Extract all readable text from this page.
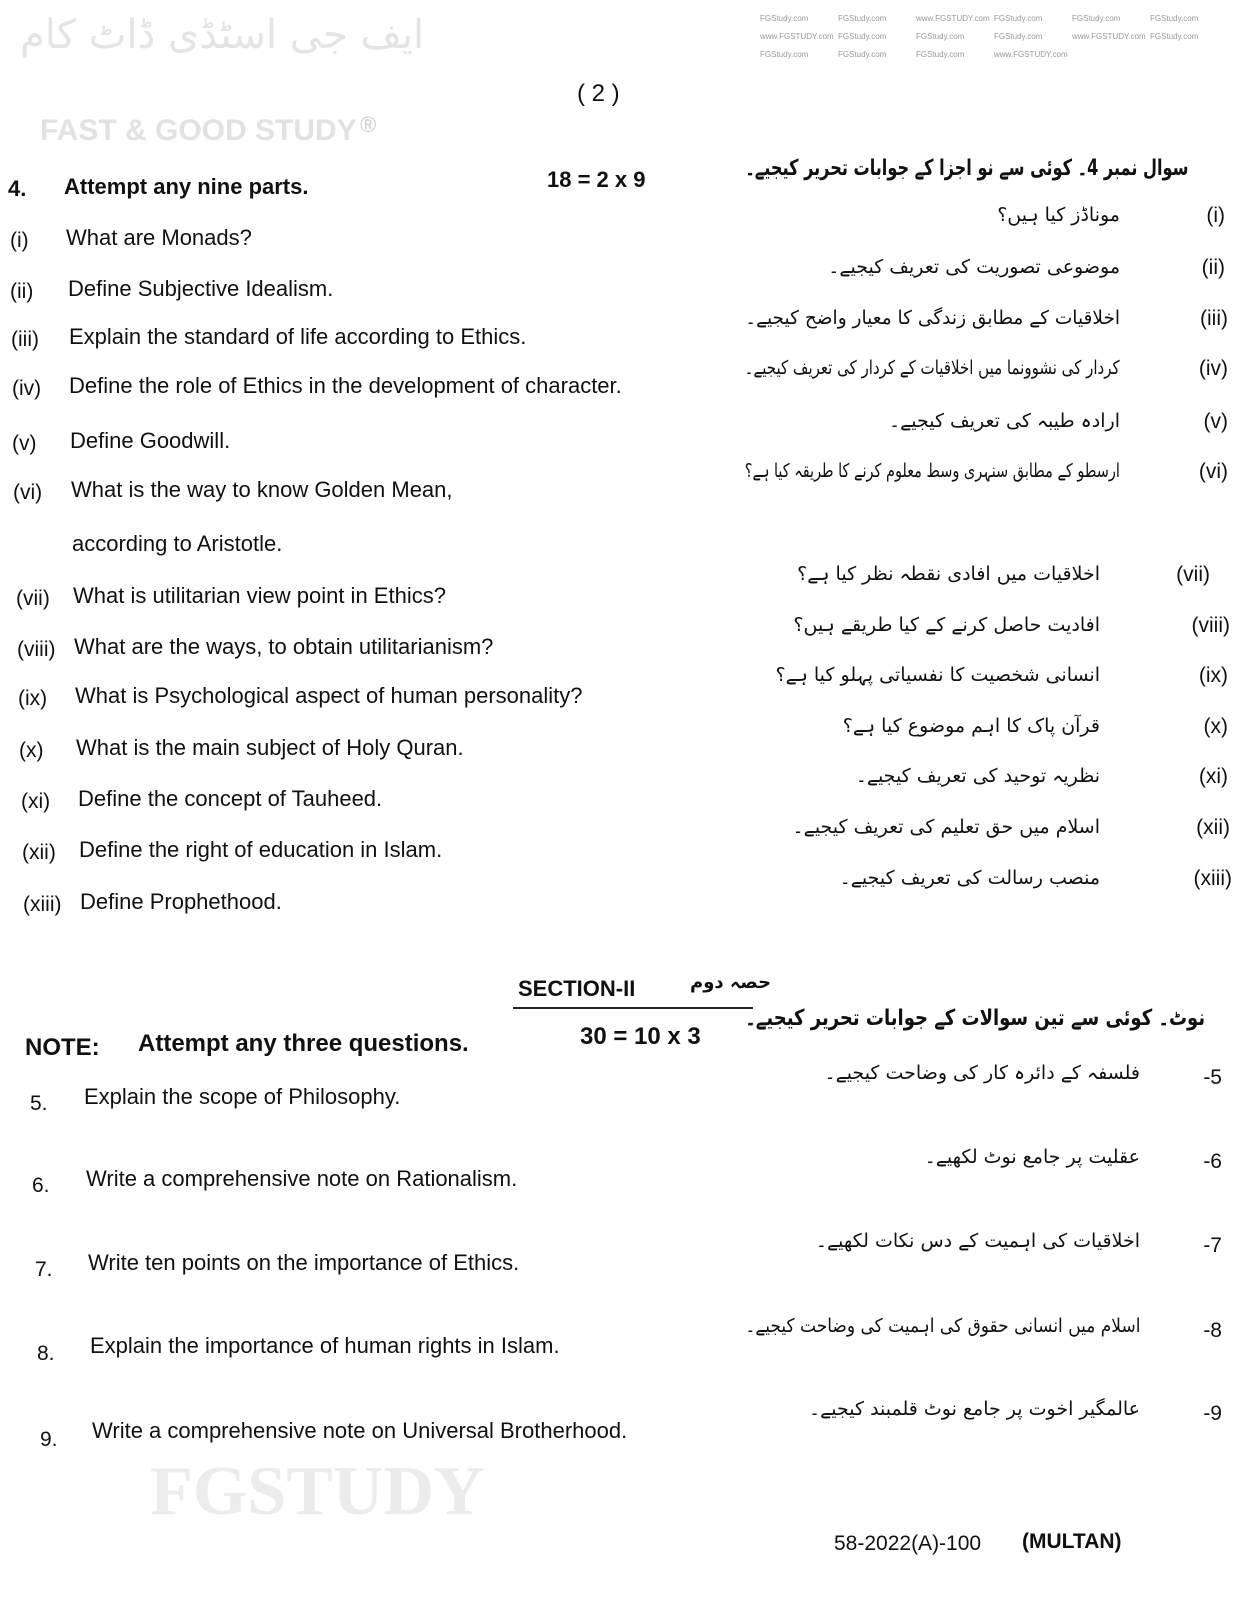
ایف جی اسٹڈی ڈاٹ کام
FAST & GOOD STUDY ®
FGSTUDY
( 2 )
4. Attempt any nine parts.	18 = 2 x 9	سوال نمبر 4۔ کوئی سے نو اجزا کے جوابات تحریر کیجیے۔
(i) What are Monads?
(i)
موناڈز کیا ہیں؟
(ii) Define Subjective Idealism.
(ii)
موضوعی تصوریت کی تعریف کیجیے۔
(iii) Explain the standard of life according to Ethics.
(iii)
اخلاقیات کے مطابق زندگی کا معیار واضح کیجیے۔
(iv) Define the role of Ethics in the development of character.
(iv)
کردار کی نشوونما میں اخلاقیات کے کردار کی تعریف کیجیے۔
(v) Define Goodwill.
(v)
ارادہ طیبہ کی تعریف کیجیے۔
(vi) What is the way to know Golden Mean,
according to Aristotle.
(vi)
ارسطو کے مطابق سنہری وسط معلوم کرنے کا طریقہ کیا ہے؟
(vii) What is utilitarian view point in Ethics?
(vii)
اخلاقیات میں افادی نقطہ نظر کیا ہے؟
(viii) What are the ways, to obtain utilitarianism?
(viii)
افادیت حاصل کرنے کے کیا طریقے ہیں؟
(ix) What is Psychological aspect of human personality?
(ix)
انسانی شخصیت کا نفسیاتی پہلو کیا ہے؟
(x) What is the main subject of Holy Quran.
(x)
قرآن پاک کا اہم موضوع کیا ہے؟
(xi) Define the concept of Tauheed.
(xi)
نظریہ توحید کی تعریف کیجیے۔
(xii) Define the right of education in Islam.
(xii)
اسلام میں حق تعلیم کی تعریف کیجیے۔
(xiii) Define Prophethood.
(xiii)
منصب رسالت کی تعریف کیجیے۔
SECTION-II	حصہ دوم
NOTE: Attempt any three questions.	30 = 10 x 3
نوٹ۔ کوئی سے تین سوالات کے جوابات تحریر کیجیے۔
5. Explain the scope of Philosophy.
-5
فلسفہ کے دائرہ کار کی وضاحت کیجیے۔
6. Write a comprehensive note on Rationalism.
-6
عقلیت پر جامع نوٹ لکھیے۔
7. Write ten points on the importance of Ethics.
-7
اخلاقیات کی اہمیت کے دس نکات لکھیے۔
8. Explain the importance of human rights in Islam.
-8
اسلام میں انسانی حقوق کی اہمیت کی وضاحت کیجیے۔
9. Write a comprehensive note on Universal Brotherhood.
-9
عالمگیر اخوت پر جامع نوٹ قلمبند کیجیے۔
FGStudy.com	FGStudy.com	www.FGSTUDY.com FGStudy.com	FGStudy.com	FGStudy.com
www.FGSTUDY.com FGStudy.com	FGStudy.com	FGStudy.com	www.FGSTUDY.com FGStudy.com
FGStudy.com	FGStudy.com	FGStudy.com	www.FGSTUDY.com
58-2022(A)-100 (MULTAN)
